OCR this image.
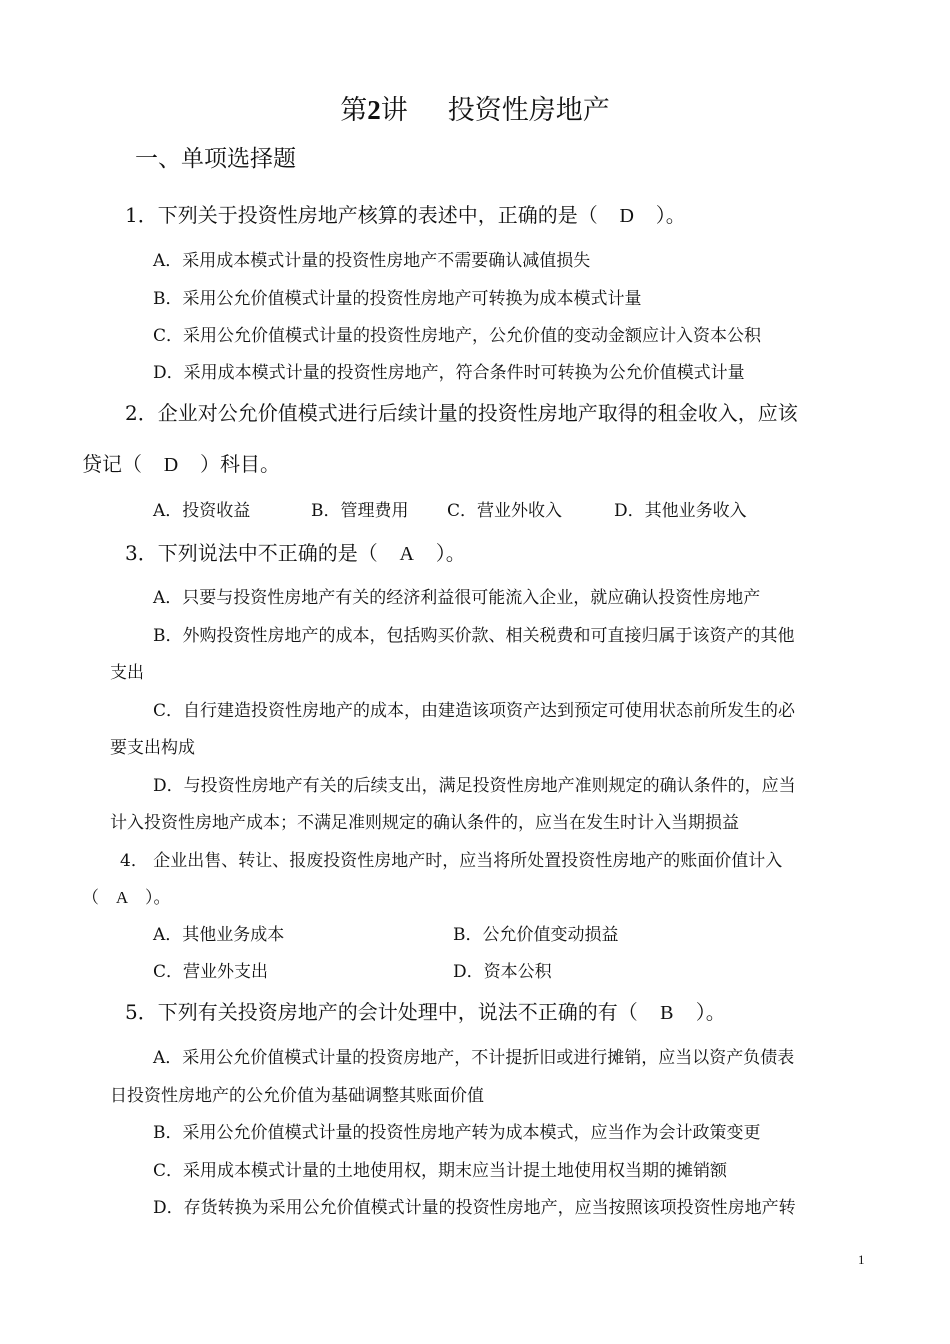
第2讲 投资性房地产
一、单项选择题
1．下列关于投资性房地产核算的表述中，正确的是（ D ）。
A．采用成本模式计量的投资性房地产不需要确认减值损失
B．采用公允价值模式计量的投资性房地产可转换为成本模式计量
C．采用公允价值模式计量的投资性房地产，公允价值的变动金额应计入资本公积
D．采用成本模式计量的投资性房地产，符合条件时可转换为公允价值模式计量
2．企业对公允价值模式进行后续计量的投资性房地产取得的租金收入，应该
贷记（ D ）科目。
A．投资收益	B．管理费用 C．营业外收入	D．其他业务收入
3．下列说法中不正确的是（ A ）。
A．只要与投资性房地产有关的经济利益很可能流入企业，就应确认投资性房地产
B．外购投资性房地产的成本，包括购买价款、相关税费和可直接归属于该资产的其他
支出
C．自行建造投资性房地产的成本，由建造该项资产达到预定可使用状态前所发生的必
要支出构成
D．与投资性房地产有关的后续支出，满足投资性房地产准则规定的确认条件的，应当
计入投资性房地产成本；不满足准则规定的确认条件的，应当在发生时计入当期损益
4． 企业出售、转让、报废投资性房地产时，应当将所处置投资性房地产的账面价值计入
（ A ）。
A．其他业务成本	B．公允价值变动损益
C．营业外支出	D．资本公积
5．下列有关投资房地产的会计处理中，说法不正确的有（ B ）。
A．采用公允价值模式计量的投资房地产，不计提折旧或进行摊销，应当以资产负债表
日投资性房地产的公允价值为基础调整其账面价值
B．采用公允价值模式计量的投资性房地产转为成本模式，应当作为会计政策变更
C．采用成本模式计量的土地使用权，期末应当计提土地使用权当期的摊销额
D．存货转换为采用公允价值模式计量的投资性房地产，应当按照该项投资性房地产转
1
